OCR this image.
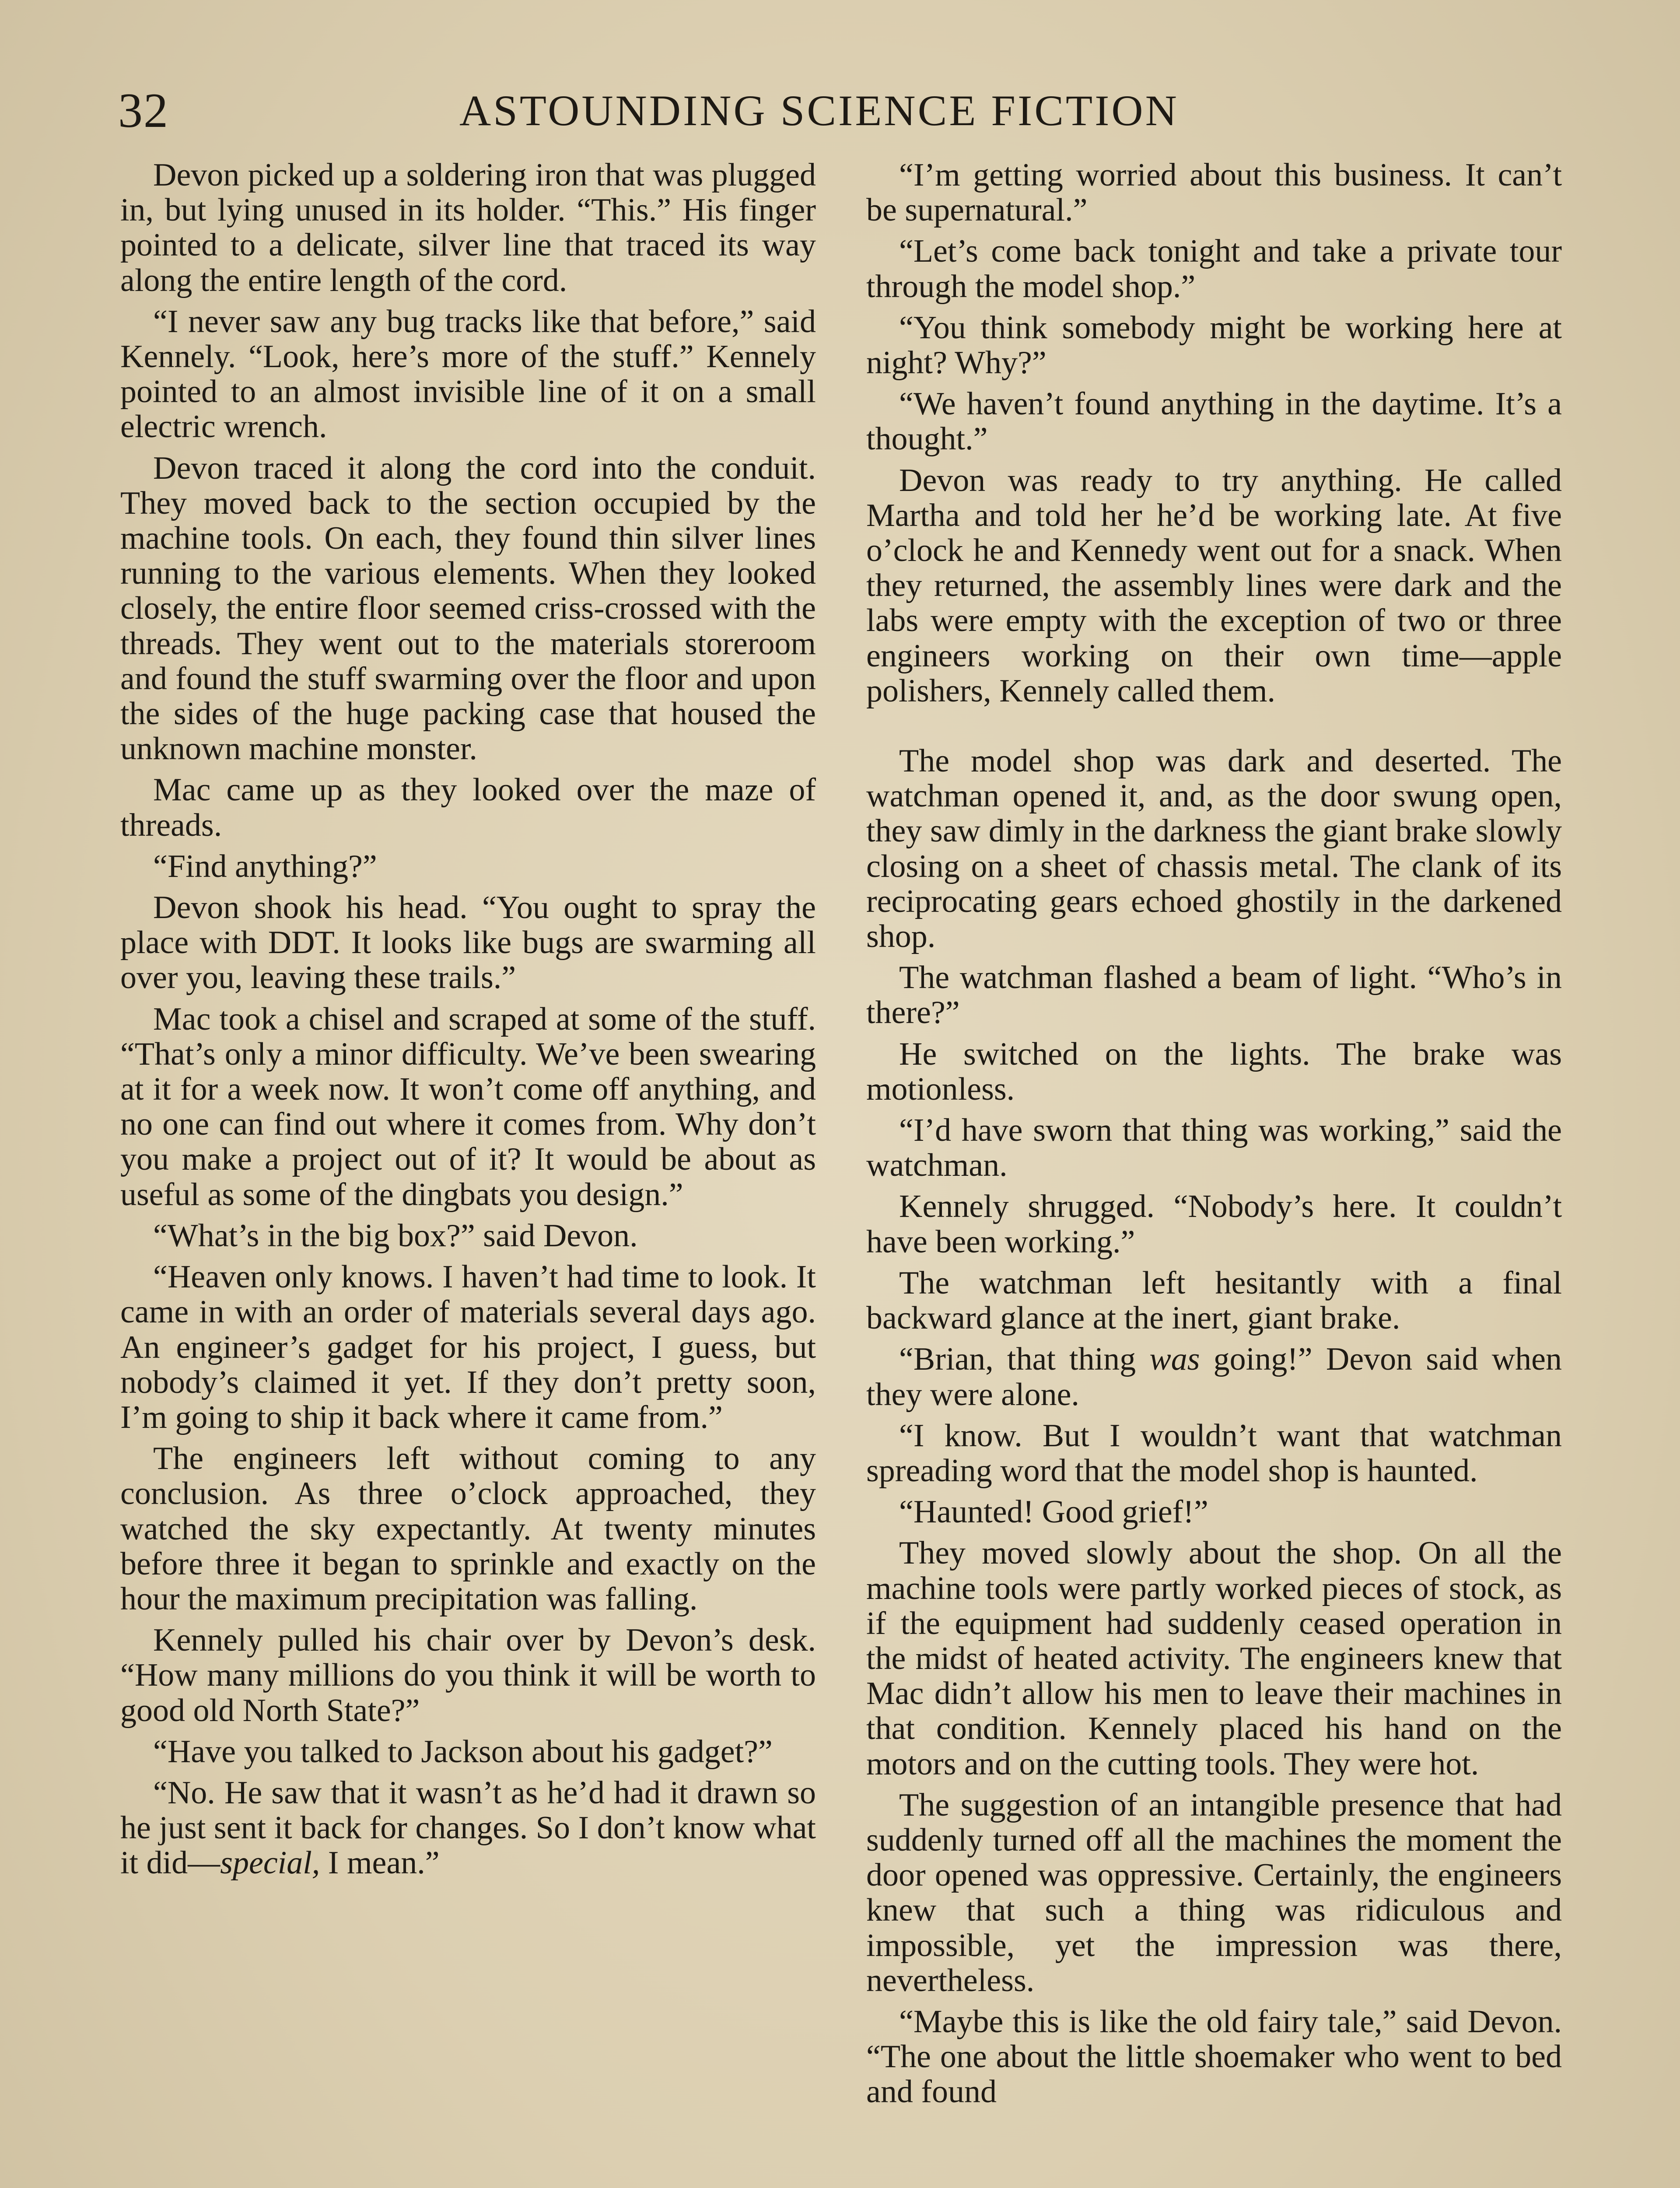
32	ASTOUNDING SCIENCE FICTION

Devon picked up a soldering iron that was plugged in, but lying unused in its holder. “This.” His finger pointed to a delicate, silver line that traced its way along the entire length of the cord.

“I never saw any bug tracks like that before,” said Kennely. “Look, here’s more of the stuff.” Kennely pointed to an almost invisible line of it on a small electric wrench.

Devon traced it along the cord into the conduit. They moved back to the section occupied by the machine tools. On each, they found thin silver lines running to the various elements. When they looked closely, the entire floor seemed criss-crossed with the threads. They went out to the materials storeroom and found the stuff swarming over the floor and upon the sides of the huge packing case that housed the unknown machine monster.

Mac came up as they looked over the maze of threads.

“Find anything?”

Devon shook his head. “You ought to spray the place with DDT. It looks like bugs are swarming all over you, leaving these trails.”

Mac took a chisel and scraped at some of the stuff. “That’s only a minor difficulty. We’ve been swearing at it for a week now. It won’t come off anything, and no one can find out where it comes from. Why don’t you make a project out of it? It would be about as useful as some of the dingbats you design.”

“What’s in the big box?” said Devon.

“Heaven only knows. I haven’t had time to look. It came in with an order of materials several days ago. An engineer’s gadget for his project, I guess, but nobody’s claimed it yet. If they don’t pretty soon, I’m going to ship it back where it came from.”

The engineers left without coming to any conclusion. As three o’clock approached, they watched the sky expectantly. At twenty minutes before three it began to sprinkle and exactly on the hour the maximum precipitation was falling.

Kennely pulled his chair over by Devon’s desk. “How many millions do you think it will be worth to good old North State?”

“Have you talked to Jackson about his gadget?”

“No. He saw that it wasn’t as he’d had it drawn so he just sent it back for changes. So I don’t know what it did—special, I mean.”

“I’m getting worried about this business. It can’t be supernatural.”

“Let’s come back tonight and take a private tour through the model shop.”

“You think somebody might be working here at night? Why?”

“We haven’t found anything in the daytime. It’s a thought.”

Devon was ready to try anything. He called Martha and told her he’d be working late. At five o’clock he and Kennedy went out for a snack. When they returned, the assembly lines were dark and the labs were empty with the exception of two or three engineers working on their own time—apple polishers, Kennely called them.

The model shop was dark and deserted. The watchman opened it, and, as the door swung open, they saw dimly in the darkness the giant brake slowly closing on a sheet of chassis metal. The clank of its reciprocating gears echoed ghostily in the darkened shop.

The watchman flashed a beam of light. “Who’s in there?”

He switched on the lights. The brake was motionless.

“I’d have sworn that thing was working,” said the watchman.

Kennely shrugged. “Nobody’s here. It couldn’t have been working.”

The watchman left hesitantly with a final backward glance at the inert, giant brake.

“Brian, that thing was going!” Devon said when they were alone.

“I know. But I wouldn’t want that watchman spreading word that the model shop is haunted.

“Haunted! Good grief!”

They moved slowly about the shop. On all the machine tools were partly worked pieces of stock, as if the equipment had suddenly ceased operation in the midst of heated activity. The engineers knew that Mac didn’t allow his men to leave their machines in that condition. Kennely placed his hand on the motors and on the cutting tools. They were hot.

The suggestion of an intangible presence that had suddenly turned off all the machines the moment the door opened was oppressive. Certainly, the engineers knew that such a thing was ridiculous and impossible, yet the impression was there, nevertheless.

“Maybe this is like the old fairy tale,” said Devon. “The one about the little shoemaker who went to bed and found
